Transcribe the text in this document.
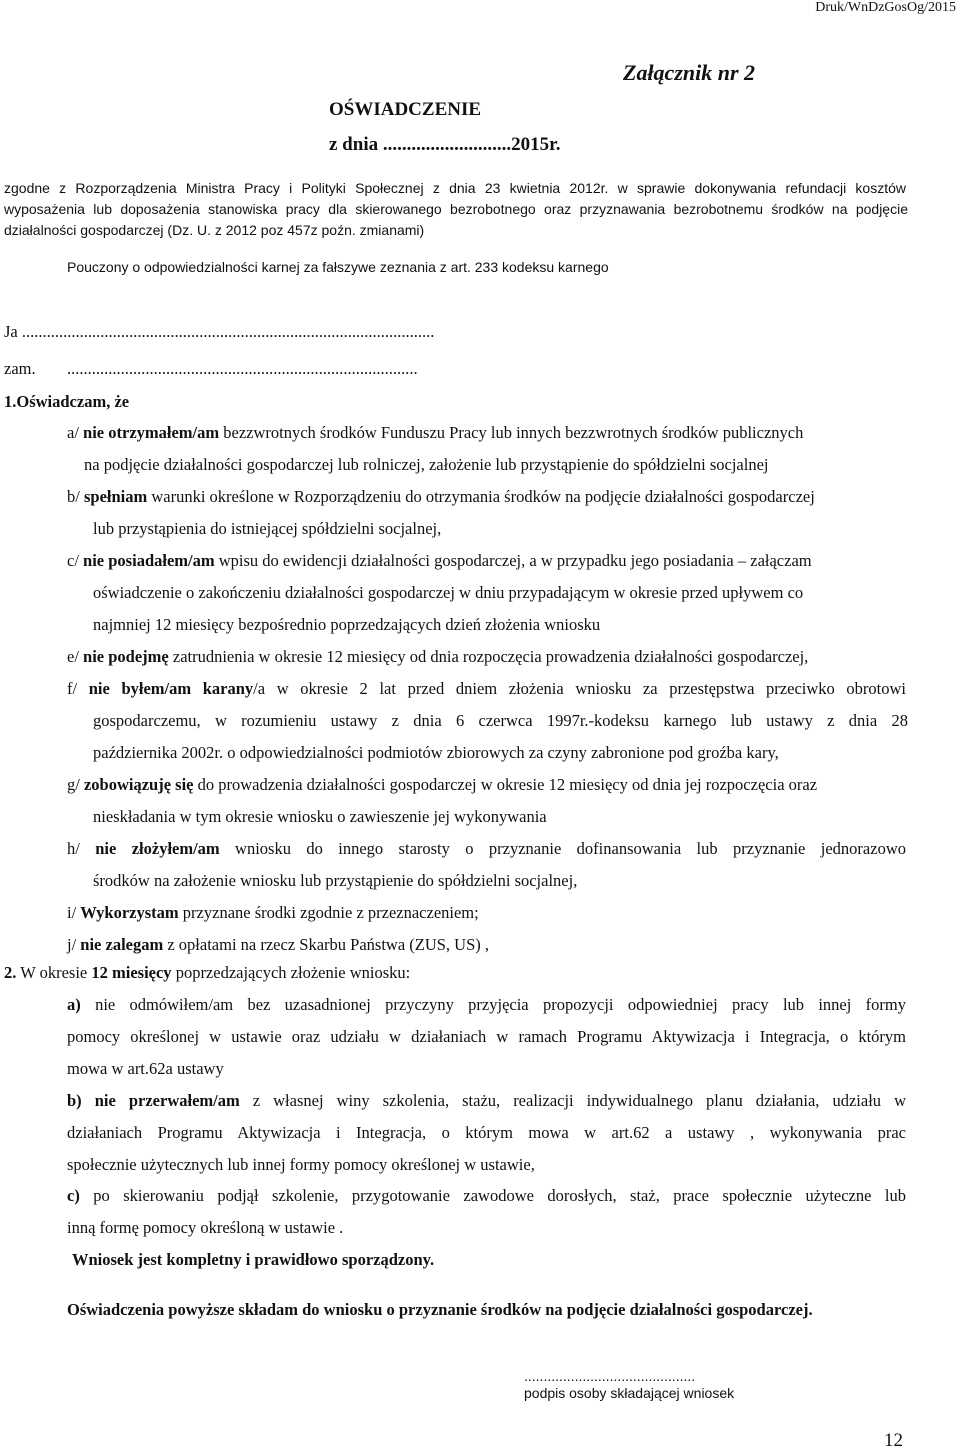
Druk/WnDzGosOg/2015
Załącznik nr 2
OŚWIADCZENIE
z dnia ...........................2015r.
zgodne z Rozporządzenia Ministra Pracy i Polityki Społecznej z dnia 23 kwietnia 2012r. w sprawie dokonywania refundacji kosztów
wyposażenia lub doposażenia stanowiska pracy dla skierowanego bezrobotnego oraz przyznawania bezrobotnemu środków na podjęcie
działalności gospodarczej (Dz. U. z 2012 poz 457z poźn. zmianami)
Pouczony o odpowiedzialności karnej za fałszywe zeznania z art. 233 kodeksu karnego
Ja ....................................................................................................
zam. .....................................................................................
1.Oświadczam, że
a/ nie otrzymałem/am bezzwrotnych środków Funduszu Pracy lub innych bezzwrotnych środków publicznych
na podjęcie działalności gospodarczej lub rolniczej, założenie lub przystąpienie do spółdzielni socjalnej
b/ spełniam warunki określone w Rozporządzeniu do otrzymania środków na podjęcie działalności gospodarczej
lub przystąpienia do istniejącej spółdzielni socjalnej,
c/ nie posiadałem/am wpisu do ewidencji działalności gospodarczej, a w przypadku jego posiadania – załączam
oświadczenie o zakończeniu działalności gospodarczej w dniu przypadającym w okresie przed upływem co
najmniej 12 miesięcy bezpośrednio poprzedzających dzień złożenia wniosku
e/ nie podejmę zatrudnienia w okresie 12 miesięcy od dnia rozpoczęcia prowadzenia działalności gospodarczej,
f/ nie byłem/am karany/a w okresie 2 lat przed dniem złożenia wniosku za przestępstwa przeciwko obrotowi
gospodarczemu, w rozumieniu ustawy z dnia 6 czerwca 1997r.-kodeksu karnego lub ustawy z dnia 28
października 2002r. o odpowiedzialności podmiotów zbiorowych za czyny zabronione pod groźba kary,
g/ zobowiązuję się do prowadzenia działalności gospodarczej w okresie 12 miesięcy od dnia jej rozpoczęcia oraz
nieskładania w tym okresie wniosku o zawieszenie jej wykonywania
h/ nie złożyłem/am wniosku do innego starosty o przyznanie dofinansowania lub przyznanie jednorazowo
środków na założenie wniosku lub przystąpienie do spółdzielni socjalnej,
i/ Wykorzystam przyznane środki zgodnie z przeznaczeniem;
j/ nie zalegam z opłatami na rzecz Skarbu Państwa (ZUS, US) ,
2. W okresie 12 miesięcy poprzedzających złożenie wniosku:
a) nie odmówiłem/am bez uzasadnionej przyczyny przyjęcia propozycji odpowiedniej pracy lub innej formy
pomocy określonej w ustawie oraz udziału w działaniach w ramach Programu Aktywizacja i Integracja, o którym
mowa w art.62a ustawy
b) nie przerwałem/am z własnej winy szkolenia, stażu, realizacji indywidualnego planu działania, udziału w
działaniach Programu Aktywizacja i Integracja, o którym mowa w art.62 a ustawy , wykonywania prac
społecznie użytecznych lub innej formy pomocy określonej w ustawie,
c) po skierowaniu podjął szkolenie, przygotowanie zawodowe dorosłych, staż, prace społecznie użyteczne lub
inną formę pomocy określoną w ustawie .
Wniosek jest kompletny i prawidłowo sporządzony.
Oświadczenia powyższe składam do wniosku o przyznanie środków na podjęcie działalności gospodarczej.
............................................
podpis osoby składającej wniosek
12
